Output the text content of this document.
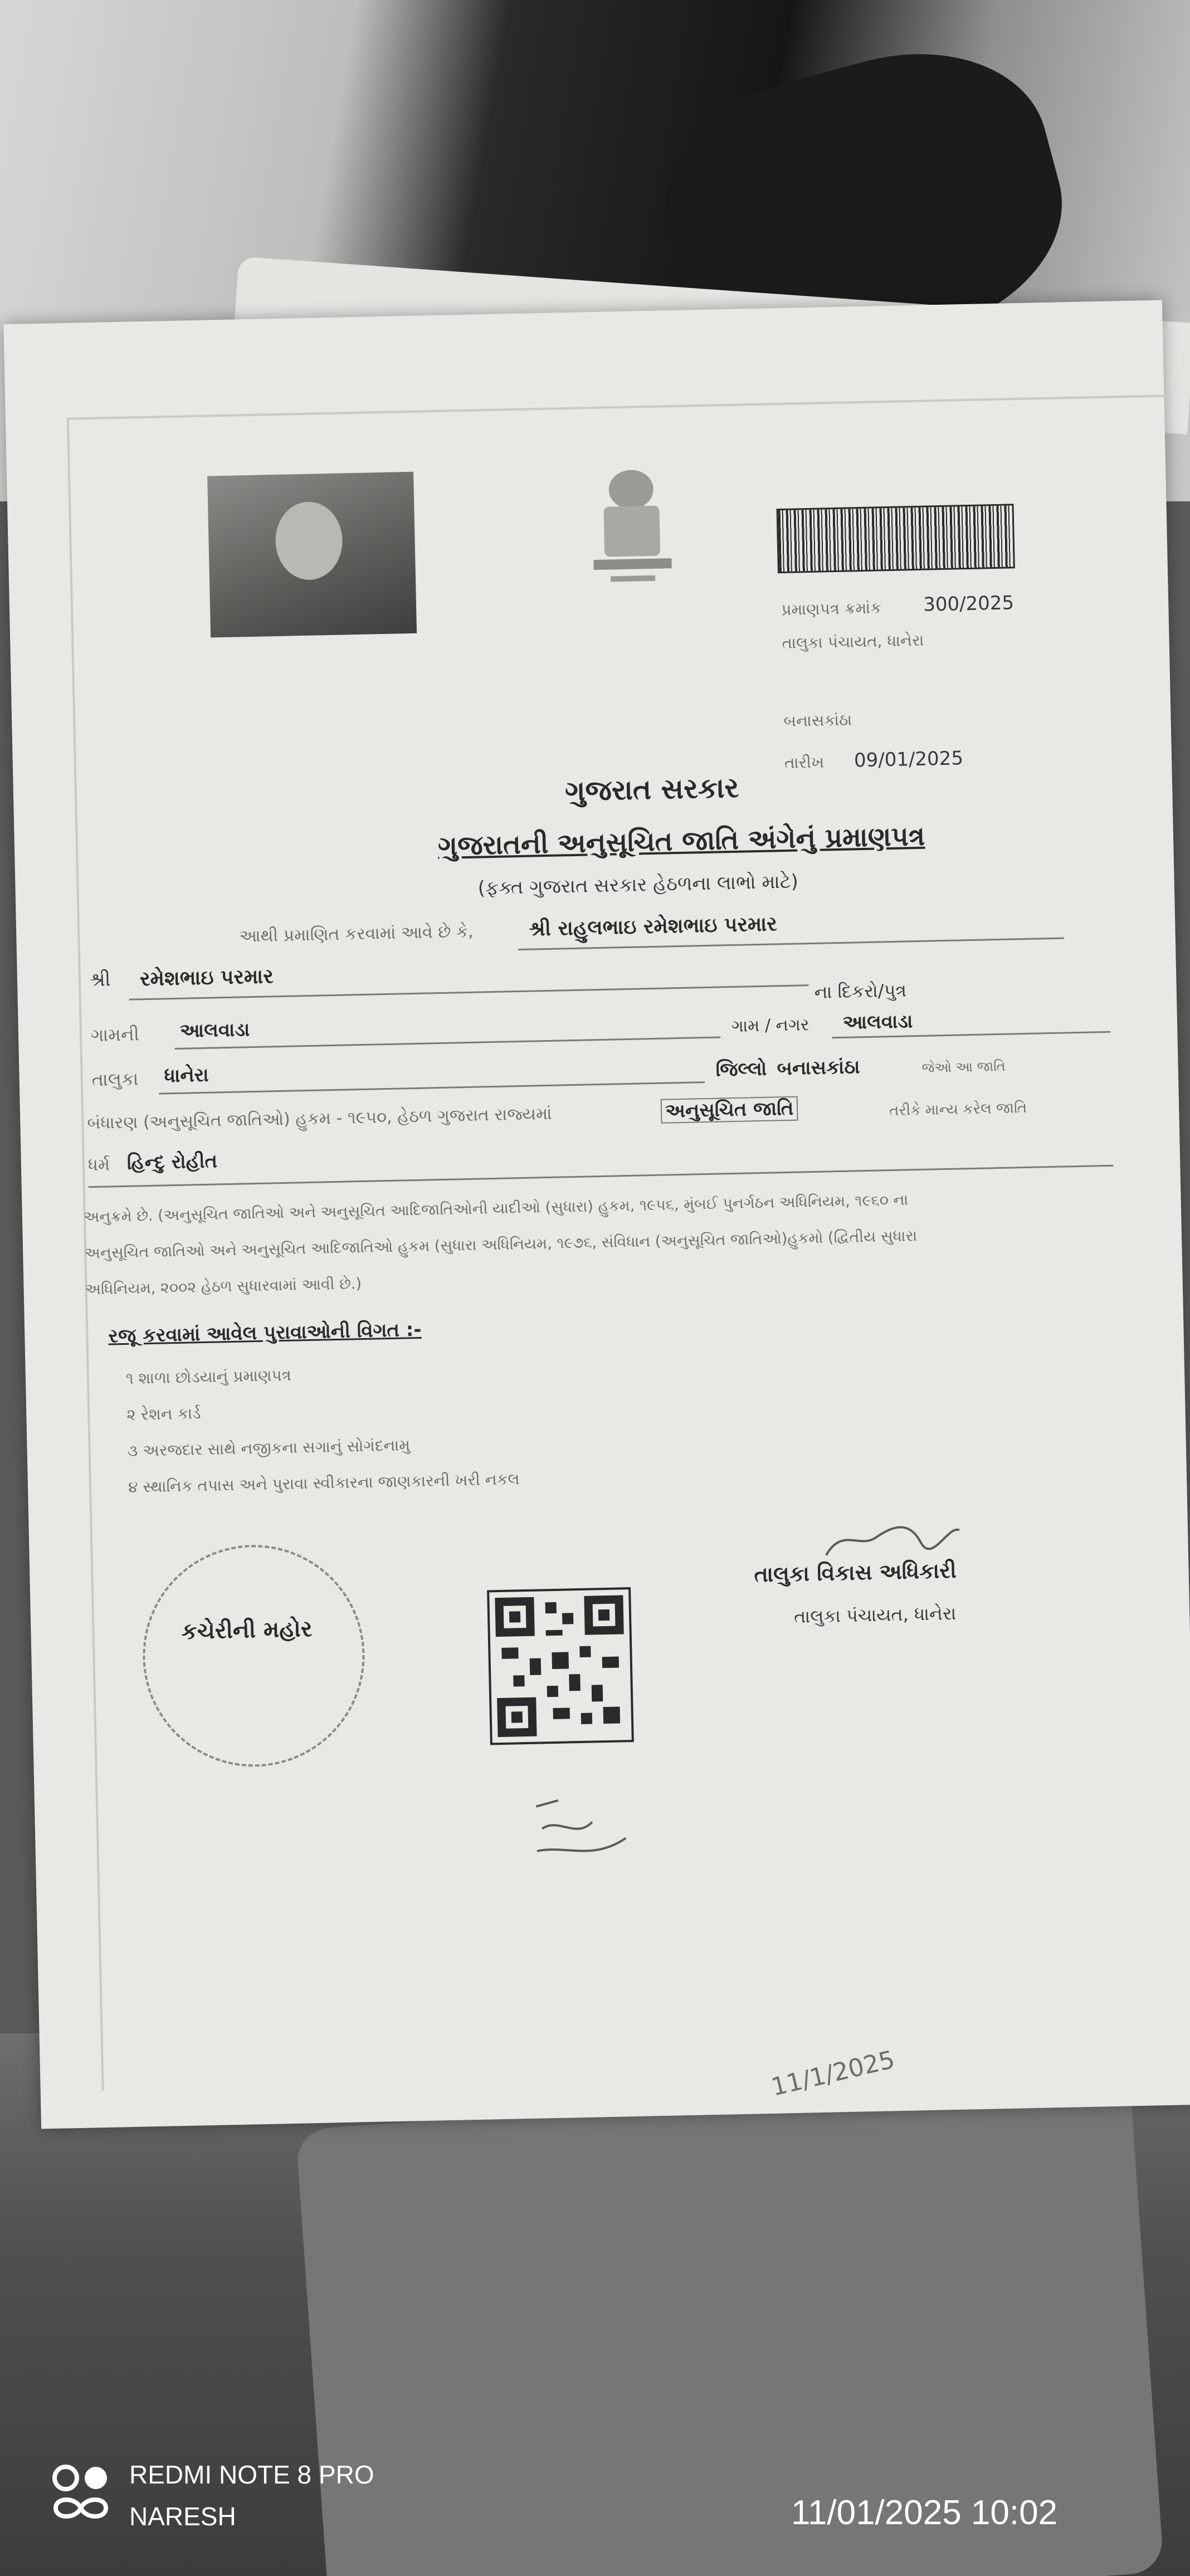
પ્રમાણપત્ર ક્રમાંક 300/2025
તાલુકા પંચાયત, ધાનેરા
બનાસકાંઠા
તારીખ 09/01/2025
ગુજરાત સરકાર
ગુજરાતની અનુસૂચિત જાતિ અંગેનું પ્રમાણપત્ર
(ફક્ત ગુજરાત સરકાર હેઠળના લાભો માટે)
આથી પ્રમાણિત કરવામાં આવે છે કે,	શ્રી રાહુલભાઇ રમેશભાઇ પરમાર
શ્રી રમેશભાઇ પરમાર
ના દિકરો/પુત્ર
ગામની આલવાડા	ગામ / નગર આલવાડા
તાલુકા ધાનેરા	જિલ્લો બનાસકાંઠા	જેઓ આ જાતિ
બંધારણ (અનુસૂચિત જાતિઓ) હુકમ - ૧૯૫૦, હેઠળ ગુજરાત રાજ્યમાં	અનુસૂચિત જાતિ	તરીકે માન્ય કરેલ જાતિ
ધર્મ હિન્દુ રોહીત
અનુક્રમે છે. (અનુસૂચિત જાતિઓ અને અનુસૂચિત આદિજાતિઓની યાદીઓ (સુધારા) હુકમ, ૧૯૫૬, મુંબઈ પુનર્ગઠન અધિનિયમ, ૧૯૬૦ ના
અનુસૂચિત જાતિઓ અને અનુસૂચિત આદિજાતિઓ હુકમ (સુધારા અધિનિયમ, ૧૯૭૬, સંવિધાન (અનુસૂચિત જાતિઓ)હુકમો (દ્વિતીય સુધારા
અધિનિયમ, ૨૦૦૨ હેઠળ સુધારવામાં આવી છે.)
રજૂ કરવામાં આવેલ પુરાવાઓની વિગત :-
૧ શાળા છોડયાનું પ્રમાણપત્ર
૨ રેશન કાર્ડ
૩ અરજદાર સાથે નજીકના સગાનું સોગંદનામુ
૪ સ્થાનિક તપાસ અને પુરાવા સ્વીકારના જાણકારની ખરી નકલ
કચેરીની મહોર
તાલુકા વિકાસ અધિકારી
તાલુકા પંચાયત, ધાનેરા
11/1/2025
REDMI NOTE 8 PRO
NARESH	11/01/2025 10:02
